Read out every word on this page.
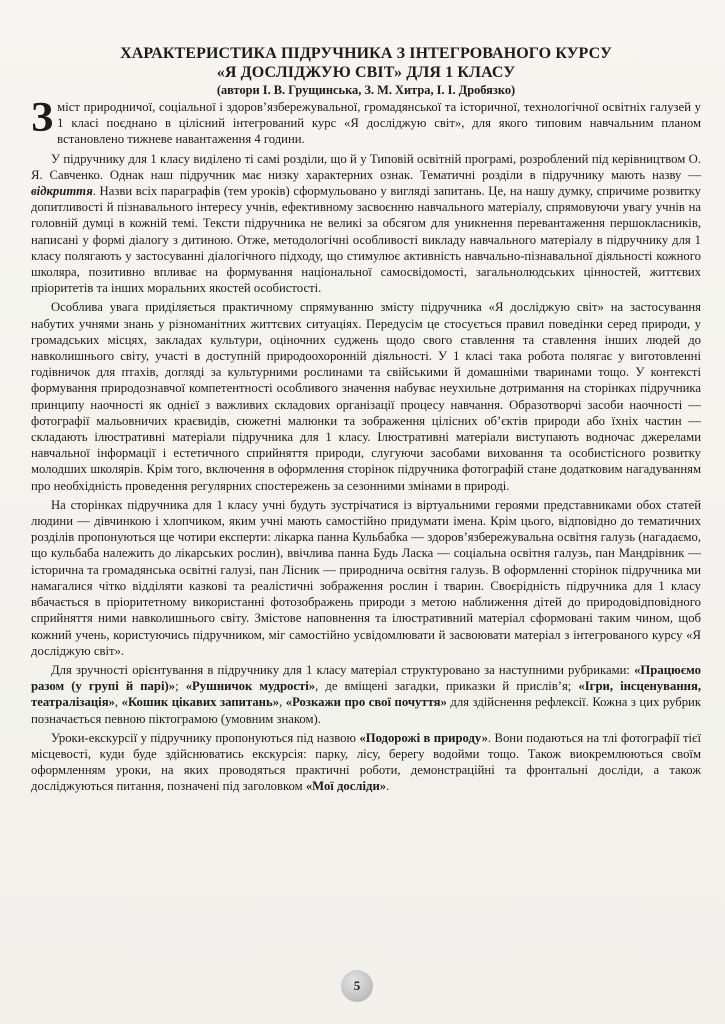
ХАРАКТЕРИСТИКА ПІДРУЧНИКА З ІНТЕГРОВАНОГО КУРСУ
«Я ДОСЛІДЖУЮ СВІТ» ДЛЯ 1 КЛАСУ
(автори І. В. Грущинська, З. М. Хитра, І. І. Дробязко)

Зміст природничої, соціальної і здоров’язбережувальної, громадянської та історичної, технологічної освітніх галузей у 1 класі поєднано в цілісний інтегрований курс «Я досліджую світ», для якого типовим навчальним планом встановлено тижневе навантаження 4 години.

У підручнику для 1 класу виділено ті самі розділи, що й у Типовій освітній програмі, розроблений під керівництвом О. Я. Савченко. Однак наш підручник має низку характерних ознак. Тематичні розділи в підручнику мають назву — відкриття. Назви всіх параграфів (тем уроків) сформульовано у вигляді запитань. Це, на нашу думку, спричиме розвитку допитливості й пізнавального інтересу учнів, ефективному засвоєнню навчального матеріалу, спрямовуючи увагу учнів на головній думці в кожній темі. Тексти підручника не великі за обсягом для уникнення перевантаження першокласників, написані у формі діалогу з дитиною. Отже, методологічні особливості викладу навчального матеріалу в підручнику для 1 класу полягають у застосуванні діалогічного підходу, що стимулює активність навчально-пізнавальної діяльності кожного школяра, позитивно впливає на формування національної самосвідомості, загальнолюдських цінностей, життєвих пріоритетів та інших моральних якостей особистості.

Особлива увага приділяється практичному спрямуванню змісту підручника «Я досліджую світ» на застосування набутих учнями знань у різноманітних життєвих ситуаціях. Передусім це стосується правил поведінки серед природи, у громадських місцях, закладах культури, оціночних суджень щодо свого ставлення та ставлення інших людей до навколишнього світу, участі в доступній природоохоронній діяльності. У 1 класі така робота полягає у виготовленні годівничок для птахів, догляді за культурними рослинами та свійськими й домашніми тваринами тощо. У контексті формування природознавчої компетентності особливого значення набуває неухильне дотримання на сторінках підручника принципу наочності як однієї з важливих складових організації процесу навчання. Образотворчі засоби наочності — фотографії мальовничих краєвидів, сюжетні малюнки та зображення цілісних об’єктів природи або їхніх частин — складають ілюстративні матеріали підручника для 1 класу. Ілюстративні матеріали виступають водночас джерелами навчальної інформації і естетичного сприйняття природи, слугуючи засобами виховання та особистісного розвитку молодших школярів. Крім того, включення в оформлення сторінок підручника фотографій стане додатковим нагадуванням про необхідність проведення регулярних спостережень за сезонними змінами в природі.

На сторінках підручника для 1 класу учні будуть зустрічатися із віртуальними героями представниками обох статей людини — дівчинкою і хлопчиком, яким учні мають самостійно придумати імена. Крім цього, відповідно до тематичних розділів пропонуються ще чотири експерти: лікарка панна Кульбабка — здоров’язбережувальна освітня галузь (нагадаємо, що кульбаба належить до лікарських рослин), ввічлива панна Будь Ласка — соціальна освітня галузь, пан Мандрівник — історична та громадянська освітні галузі, пан Лісник — природнича освітня галузь. В оформленні сторінок підручника ми намагалися чітко відділяти казкові та реалістичні зображення рослин і тварин. Своєрідність підручника для 1 класу вбачається в пріоритетному використанні фотозображень природи з метою наближення дітей до природовідповідного сприйняття ними навколишнього світу. Змістове наповнення та ілюстративний матеріал сформовані таким чином, щоб кожний учень, користуючись підручником, міг самостійно усвідомлювати й засвоювати матеріал з інтегрованого курсу «Я досліджую світ».

Для зручності орієнтування в підручнику для 1 класу матеріал структуровано за наступними рубриками: «Працюємо разом (у групі й парі)»; «Рушничок мудрості», де вміщені загадки, приказки й прислів’я; «Ігри, інсценування, театралізація», «Кошик цікавих запитань», «Розкажи про свої почуття» для здійснення рефлексії. Кожна з цих рубрик позначається певною піктограмою (умовним знаком).

Уроки-екскурсії у підручнику пропонуються під назвою «Подорожі в природу». Вони подаються на тлі фотографії тієї місцевості, куди буде здійснюватись екскурсія: парку, лісу, берегу водойми тощо. Також виокремлюються своїм оформленням уроки, на яких проводяться практичні роботи, демонстраційні та фронтальні досліди, а також досліджуються питання, позначені під заголовком «Мої досліди».

5
